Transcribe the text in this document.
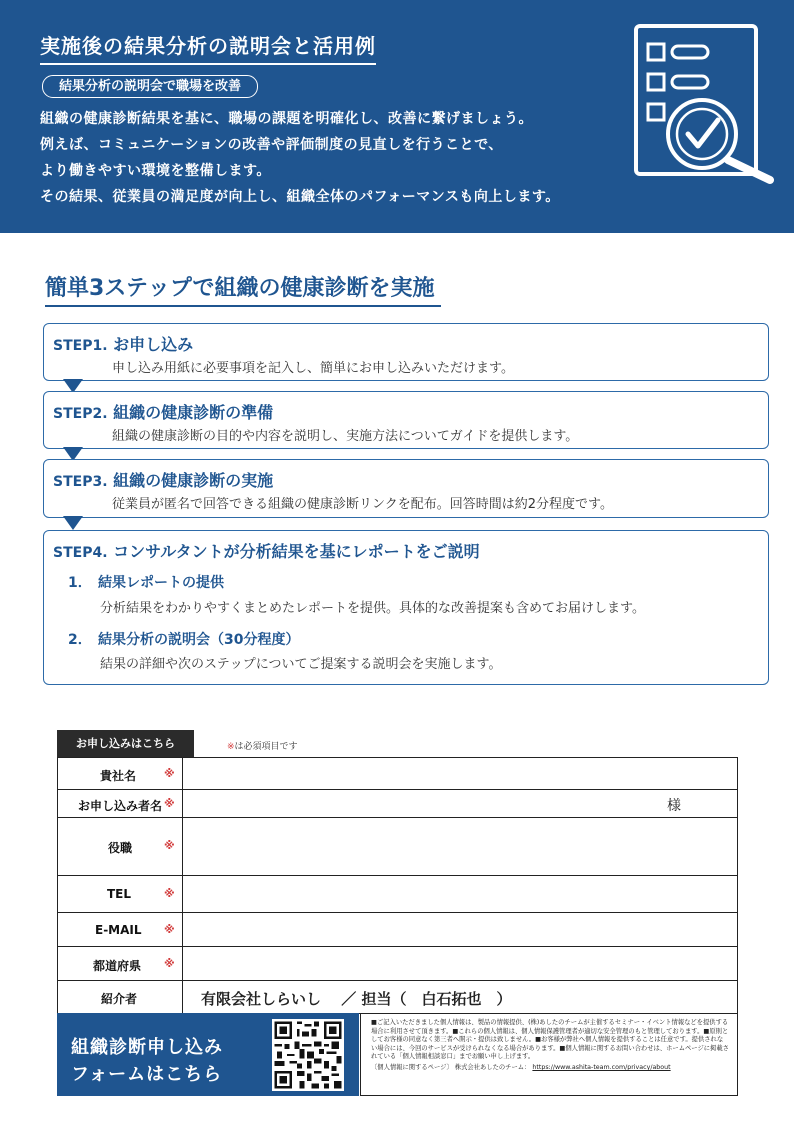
実施後の結果分析の説明会と活用例
結果分析の説明会で職場を改善
組織の健康診断結果を基に、職場の課題を明確化し、改善に繋げましょう。
例えば、コミュニケーションの改善や評価制度の見直しを行うことで、
より働きやすい環境を整備します。
その結果、従業員の満足度が向上し、組織全体のパフォーマンスも向上します。
簡単3ステップで組織の健康診断を実施
STEP1. お申し込み
申し込み用紙に必要事項を記入し、簡単にお申し込みいただけます。
STEP2. 組織の健康診断の準備
組織の健康診断の目的や内容を説明し、実施方法についてガイドを提供します。
STEP3. 組織の健康診断の実施
従業員が匿名で回答できる組織の健康診断リンクを配布。回答時間は約2分程度です。
STEP4. コンサルタントが分析結果を基にレポートをご説明
1． 結果レポートの提供
分析結果をわかりやすくまとめたレポートを提供。具体的な改善提案も含めてお届けします。
2． 結果分析の説明会（30分程度）
結果の詳細や次のステップについてご提案する説明会を実施します。
お申し込みはこちら	※は必須項目です
貴社名 ※	

お申し込み者名 ※	様

役職 ※	

TEL ※	

E-MAIL ※	

都道府県 ※	

紹介者	有限会社しらいし　 ／ 担当（　白石拓也　）
組織診断申し込み
フォームはこちら

■ご記入いただきました個人情報は、製品の情報提供、(株)あしたのチームが主催するセミナー・イベント情報などを提供する場合に利用させて頂きます。■これらの個人情報は、個人情報保護管理者が適切な安全管理のもと管理しております。■原則としてお客様の同意なく第三者へ開示・提供は致しません。■お客様が弊社へ個人情報を提供することは任意です。提供されない場合には、今回のサービスが受けられなくなる場合があります。■個人情報に関するお問い合わせは、ホームページに掲載されている「個人情報相談窓口」までお願い申し上げます。

〔個人情報に関するページ〕 株式会社あしたのチーム： https://www.ashita-team.com/privacy/about
